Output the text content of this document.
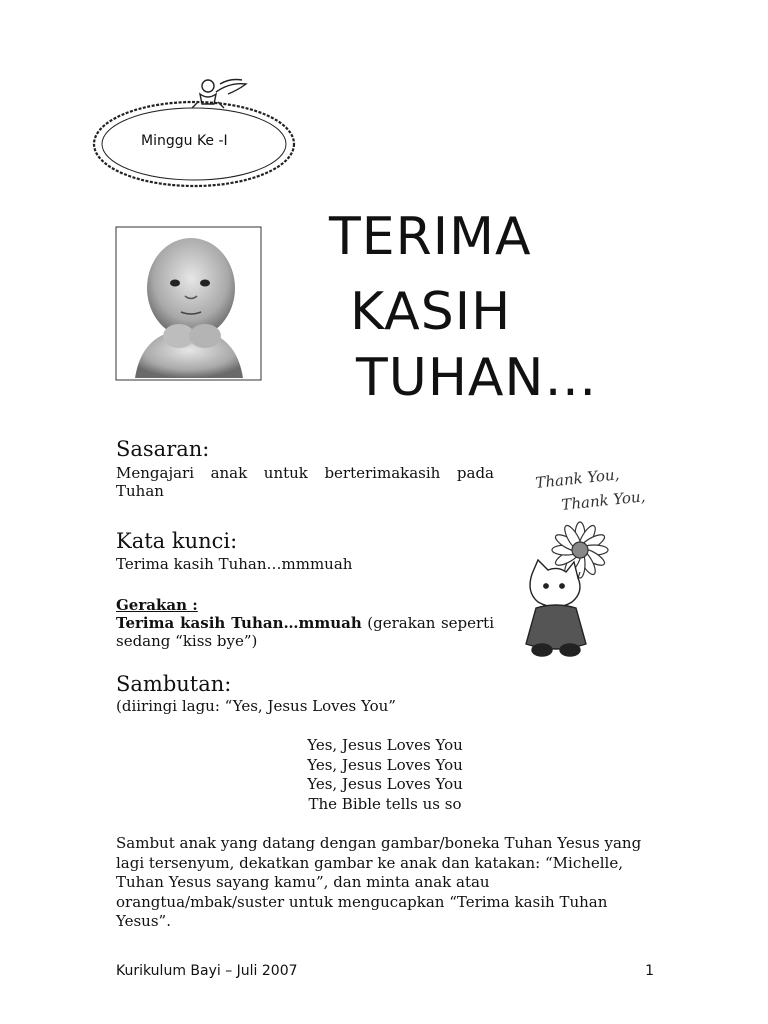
Minggu Ke -I
TERIMA
KASIH
TUHAN…
Sasaran:
Mengajari anak untuk berterimakasih pada Tuhan
Kata kunci:
Terima kasih Tuhan…mmmuah
Gerakan :
Terima kasih Tuhan…mmuah (gerakan seperti sedang “kiss bye”)
Sambutan:
(diiringi lagu: “Yes, Jesus Loves You”
Yes, Jesus Loves You
Yes, Jesus Loves You
Yes, Jesus Loves You
The Bible tells us so
Sambut anak yang datang dengan gambar/boneka Tuhan Yesus yang lagi tersenyum, dekatkan gambar ke anak dan katakan: “Michelle, Tuhan Yesus sayang kamu”, dan minta anak atau orangtua/mbak/suster untuk mengucapkan “Terima kasih Tuhan Yesus”.
Thank You,
Thank You,
Kurikulum Bayi – Juli 2007	1
